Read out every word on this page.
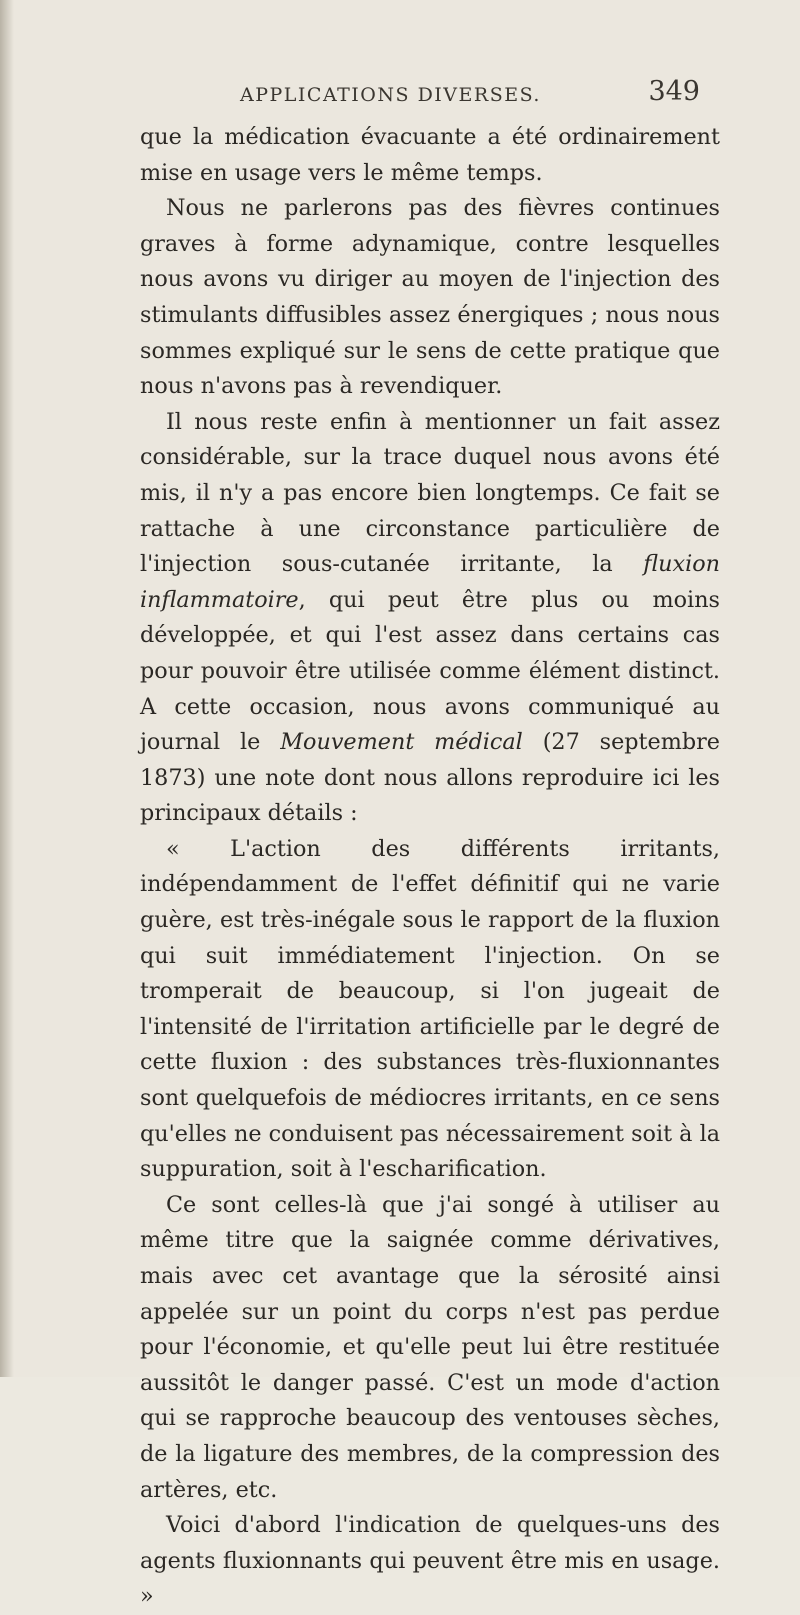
APPLICATIONS DIVERSES.	349

que la médication évacuante a été ordinairement mise en usage vers le même temps.

Nous ne parlerons pas des fièvres continues graves à forme adynamique, contre lesquelles nous avons vu diriger au moyen de l'injection des stimulants diffusibles assez énergiques ; nous nous sommes expliqué sur le sens de cette pratique que nous n'avons pas à revendiquer.

Il nous reste enfin à mentionner un fait assez considérable, sur la trace duquel nous avons été mis, il n'y a pas encore bien longtemps. Ce fait se rattache à une circonstance particulière de l'injection sous-cutanée irritante, la fluxion inflammatoire, qui peut être plus ou moins développée, et qui l'est assez dans certains cas pour pouvoir être utilisée comme élément distinct. A cette occasion, nous avons communiqué au journal le Mouvement médical (27 septembre 1873) une note dont nous allons reproduire ici les principaux détails :

« L'action des différents irritants, indépendamment de l'effet définitif qui ne varie guère, est très-inégale sous le rapport de la fluxion qui suit immédiatement l'injection. On se tromperait de beaucoup, si l'on jugeait de l'intensité de l'irritation artificielle par le degré de cette fluxion : des substances très-fluxionnantes sont quelquefois de médiocres irritants, en ce sens qu'elles ne conduisent pas nécessairement soit à la suppuration, soit à l'escharification.

Ce sont celles-là que j'ai songé à utiliser au même titre que la saignée comme dérivatives, mais avec cet avantage que la sérosité ainsi appelée sur un point du corps n'est pas perdue pour l'économie, et qu'elle peut lui être restituée aussitôt le danger passé. C'est un mode d'action qui se rapproche beaucoup des ventouses sèches, de la ligature des membres, de la compression des artères, etc.

Voici d'abord l'indication de quelques-uns des agents fluxionnants qui peuvent être mis en usage. »
